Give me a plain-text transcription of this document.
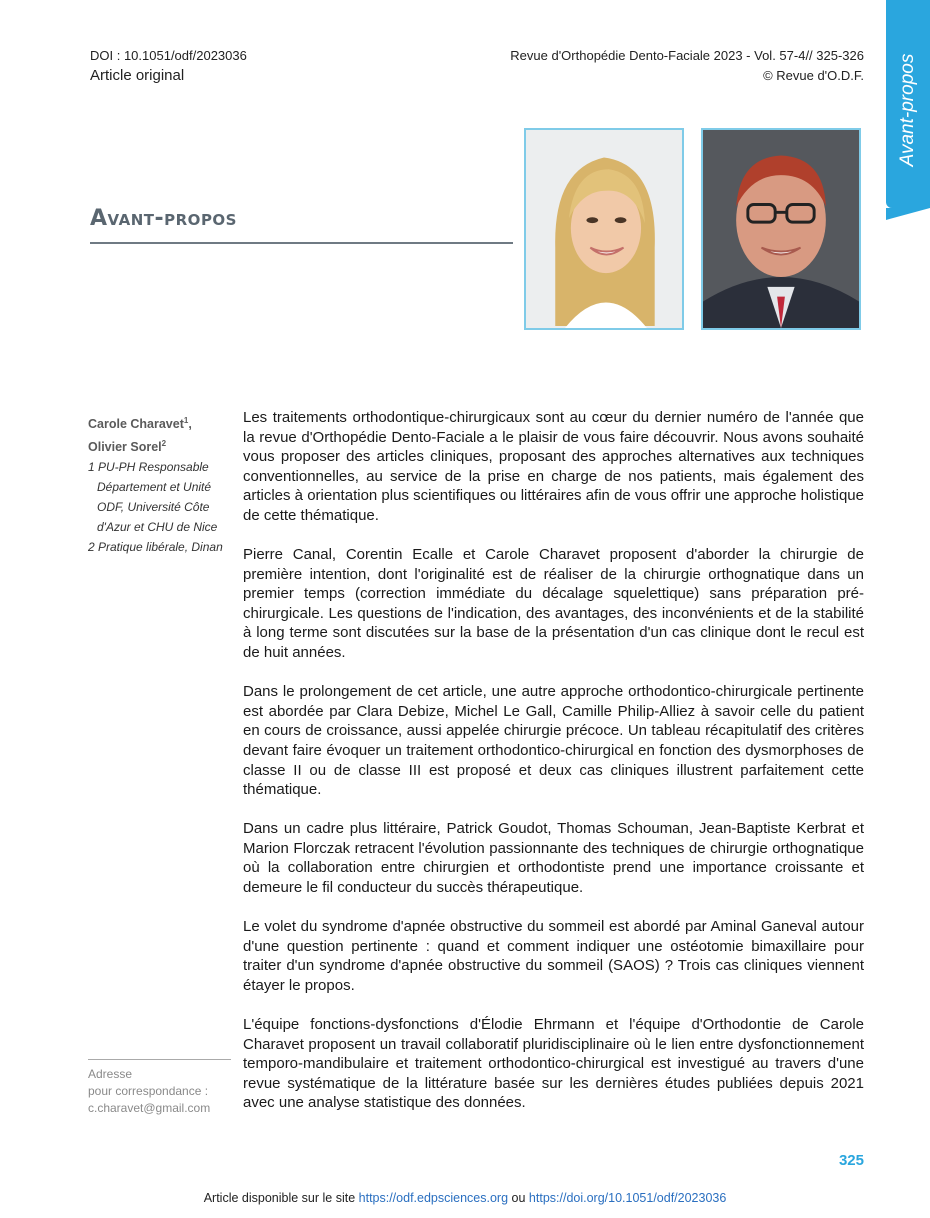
DOI : 10.1051/odf/2023036
Article original
Revue d'Orthopédie Dento-Faciale 2023 - Vol. 57-4// 325-326
© Revue d'O.D.F. Avant-propos
Avant-propos
Carole Charavet$^1$,
Olivier Sorel$^2$
1 PU-PH Responsable
Département et Unité
ODF, Université Côte
d'Azur et CHU de Nice
2 Pratique libérale, Dinan
Adresse
pour correspondance :
c.charavet@gmail.com

Les traitements orthodontique-chirurgicaux sont au cœur du dernier numéro de l'année que la revue d'Orthopédie Dento-Faciale a le plaisir de vous faire découvrir. Nous avons souhaité vous proposer des articles cliniques, proposant des approches alternatives aux techniques conventionnelles, au service de la prise en charge de nos patients, mais également des articles à orientation plus scientifiques ou littéraires afin de vous offrir une approche holistique de cette thématique.

Pierre Canal, Corentin Ecalle et Carole Charavet proposent d'aborder la chirurgie de première intention, dont l'originalité est de réaliser de la chirurgie orthognatique dans un premier temps (correction immédiate du décalage squelettique) sans préparation pré-chirurgicale. Les questions de l'indication, des avantages, des inconvénients et de la stabilité à long terme sont discutées sur la base de la présentation d'un cas clinique dont le recul est de huit années.

Dans le prolongement de cet article, une autre approche orthodontico-chirurgicale pertinente est abordée par Clara Debize, Michel Le Gall, Camille Philip-Alliez à savoir celle du patient en cours de croissance, aussi appelée chirurgie précoce. Un tableau récapitulatif des critères devant faire évoquer un traitement orthodontico-chirurgical en fonction des dysmorphoses de classe II ou de classe III est proposé et deux cas cliniques illustrent parfaitement cette thématique.

Dans un cadre plus littéraire, Patrick Goudot, Thomas Schouman, Jean-Baptiste Kerbrat et Marion Florczak retracent l'évolution passionnante des techniques de chirurgie orthognatique où la collaboration entre chirurgien et orthodontiste prend une importance croissante et demeure le fil conducteur du succès thérapeutique.

Le volet du syndrome d'apnée obstructive du sommeil est abordé par Aminal Ganeval autour d'une question pertinente : quand et comment indiquer une ostéotomie bimaxillaire pour traiter d'un syndrome d'apnée obstructive du sommeil (SAOS) ? Trois cas cliniques viennent étayer le propos.

L'équipe fonctions-dysfonctions d'Élodie Ehrmann et l'équipe d'Orthodontie de Carole Charavet proposent un travail collaboratif pluridisciplinaire où le lien entre dysfonctionnement temporo-mandibulaire et traitement orthodontico-chirurgical est investigué au travers d'une revue systématique de la littérature basée sur les dernières études publiées depuis 2021 avec une analyse statistique des données.

325
Article disponible sur le site https://odf.edpsciences.org ou https://doi.org/10.1051/odf/2023036
